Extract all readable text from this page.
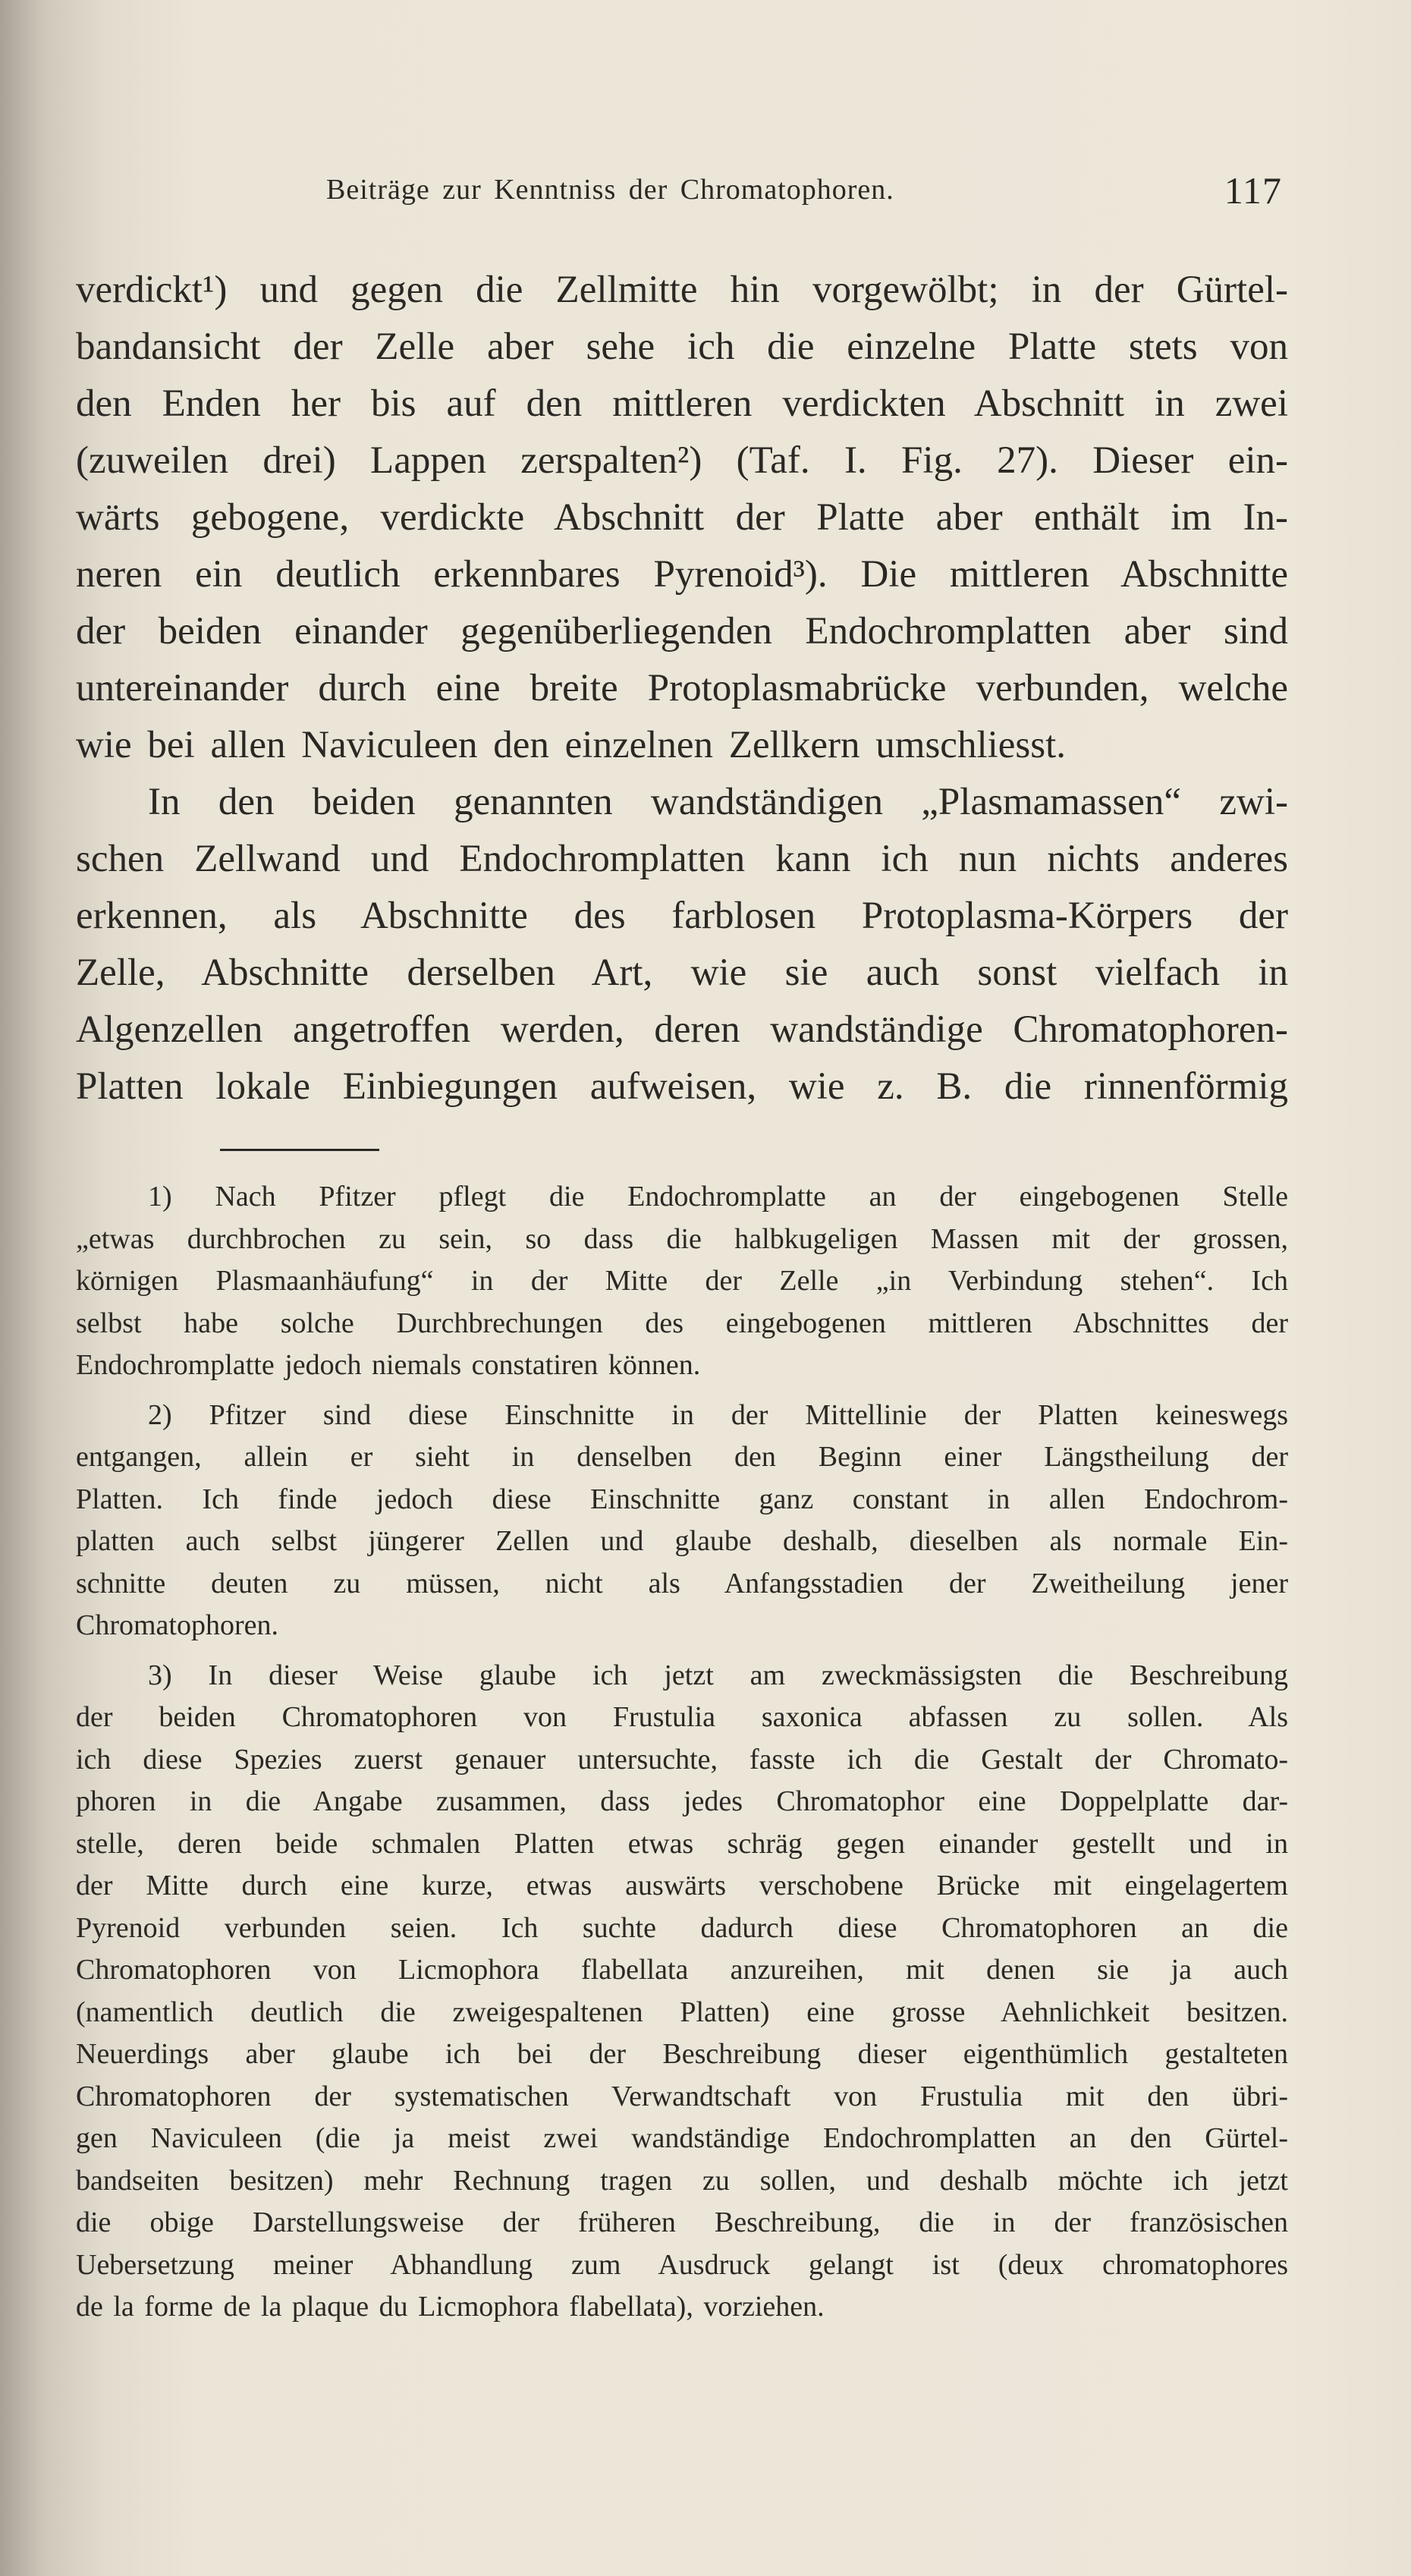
Beiträge zur Kenntniss der Chromatophoren.	117
verdickt¹) und gegen die Zellmitte hin vorgewölbt; in der Gürtel-
bandansicht der Zelle aber sehe ich die einzelne Platte stets von
den Enden her bis auf den mittleren verdickten Abschnitt in zwei
(zuweilen drei) Lappen zerspalten²) (Taf. I. Fig. 27). Dieser ein-
wärts gebogene, verdickte Abschnitt der Platte aber enthält im In-
neren ein deutlich erkennbares Pyrenoid³). Die mittleren Abschnitte
der beiden einander gegenüberliegenden Endochromplatten aber sind
untereinander durch eine breite Protoplasmabrücke verbunden, welche
wie bei allen Naviculeen den einzelnen Zellkern umschliesst.
In den beiden genannten wandständigen „Plasmamassen“ zwi-
schen Zellwand und Endochromplatten kann ich nun nichts anderes
erkennen, als Abschnitte des farblosen Protoplasma-Körpers der
Zelle, Abschnitte derselben Art, wie sie auch sonst vielfach in
Algenzellen angetroffen werden, deren wandständige Chromatophoren-
Platten lokale Einbiegungen aufweisen, wie z. B. die rinnenförmig
1) Nach Pfitzer pflegt die Endochromplatte an der eingebogenen Stelle
„etwas durchbrochen zu sein, so dass die halbkugeligen Massen mit der grossen,
körnigen Plasmaanhäufung“ in der Mitte der Zelle „in Verbindung stehen“. Ich
selbst habe solche Durchbrechungen des eingebogenen mittleren Abschnittes der
Endochromplatte jedoch niemals constatiren können.
2) Pfitzer sind diese Einschnitte in der Mittellinie der Platten keineswegs
entgangen, allein er sieht in denselben den Beginn einer Längstheilung der
Platten. Ich finde jedoch diese Einschnitte ganz constant in allen Endochrom-
platten auch selbst jüngerer Zellen und glaube deshalb, dieselben als normale Ein-
schnitte deuten zu müssen, nicht als Anfangsstadien der Zweitheilung jener
Chromatophoren.
3) In dieser Weise glaube ich jetzt am zweckmässigsten die Beschreibung
der beiden Chromatophoren von Frustulia saxonica abfassen zu sollen. Als
ich diese Spezies zuerst genauer untersuchte, fasste ich die Gestalt der Chromato-
phoren in die Angabe zusammen, dass jedes Chromatophor eine Doppelplatte dar-
stelle, deren beide schmalen Platten etwas schräg gegen einander gestellt und in
der Mitte durch eine kurze, etwas auswärts verschobene Brücke mit eingelagertem
Pyrenoid verbunden seien. Ich suchte dadurch diese Chromatophoren an die
Chromatophoren von Licmophora flabellata anzureihen, mit denen sie ja auch
(namentlich deutlich die zweigespaltenen Platten) eine grosse Aehnlichkeit besitzen.
Neuerdings aber glaube ich bei der Beschreibung dieser eigenthümlich gestalteten
Chromatophoren der systematischen Verwandtschaft von Frustulia mit den übri-
gen Naviculeen (die ja meist zwei wandständige Endochromplatten an den Gürtel-
bandseiten besitzen) mehr Rechnung tragen zu sollen, und deshalb möchte ich jetzt
die obige Darstellungsweise der früheren Beschreibung, die in der französischen
Uebersetzung meiner Abhandlung zum Ausdruck gelangt ist (deux chromatophores
de la forme de la plaque du Licmophora flabellata), vorziehen.
